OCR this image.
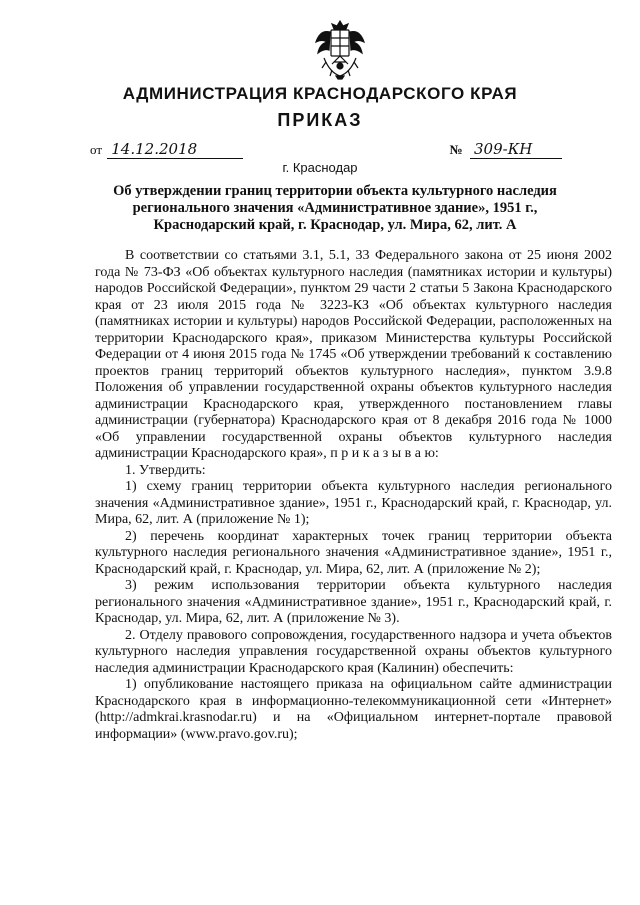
АДМИНИСТРАЦИЯ КРАСНОДАРСКОГО КРАЯ
ПРИКАЗ
от 14.12.2018	№ 309-КН
г. Краснодар
Об утверждении границ территории объекта культурного наследия регионального значения «Административное здание», 1951 г., Краснодарский край, г. Краснодар, ул. Мира, 62, лит. А

В соответствии со статьями 3.1, 5.1, 33 Федерального закона от 25 июня 2002 года № 73-ФЗ «Об объектах культурного наследия (памятниках истории и культуры) народов Российской Федерации», пунктом 29 части 2 статьи 5 Закона Краснодарского края от 23 июля 2015 года № 3223-КЗ «Об объектах культурного наследия (памятниках истории и культуры) народов Российской Федерации, расположенных на территории Краснодарского края», приказом Министерства культуры Российской Федерации от 4 июня 2015 года № 1745 «Об утверждении требований к составлению проектов границ территорий объектов культурного наследия», пунктом 3.9.8 Положения об управлении государственной охраны объектов культурного наследия администрации Краснодарского края, утвержденного постановлением главы администрации (губернатора) Краснодарского края от 8 декабря 2016 года № 1000 «Об управлении государственной охраны объектов культурного наследия администрации Краснодарского края», п р и к а з ы в а ю:

1. Утвердить:

1) схему границ территории объекта культурного наследия регионального значения «Административное здание», 1951 г., Краснодарский край, г. Краснодар, ул. Мира, 62, лит. А (приложение № 1);

2) перечень координат характерных точек границ территории объекта культурного наследия регионального значения «Административное здание», 1951 г., Краснодарский край, г. Краснодар, ул. Мира, 62, лит. А (приложение № 2);

3) режим использования территории объекта культурного наследия регионального значения «Административное здание», 1951 г., Краснодарский край, г. Краснодар, ул. Мира, 62, лит. А (приложение № 3).

2. Отделу правового сопровождения, государственного надзора и учета объектов культурного наследия управления государственной охраны объектов культурного наследия администрации Краснодарского края (Калинин) обеспечить:

1) опубликование настоящего приказа на официальном сайте администрации Краснодарского края в информационно-телекоммуникационной сети «Интернет» (http://admkrai.krasnodar.ru) и на «Официальном интернет-портале правовой информации» (www.pravo.gov.ru);
